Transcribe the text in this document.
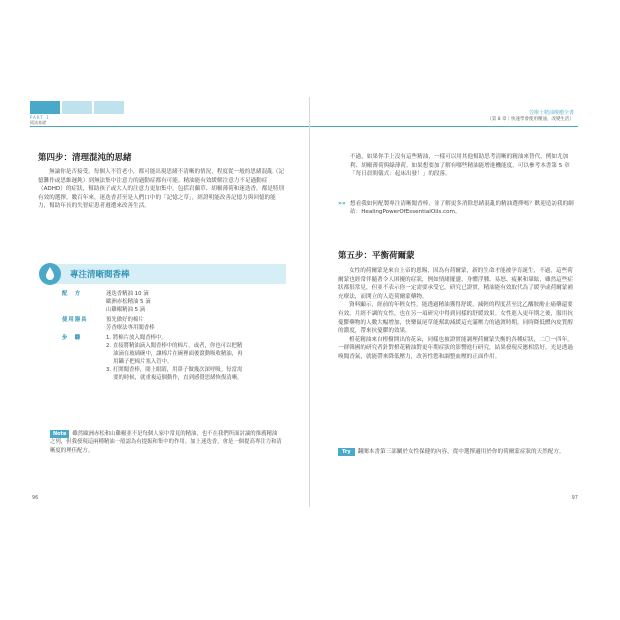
PART 1
精油基礎
第四步：清理混沌的思緒

無論你是否接受，每個人不管老小，都可能出現思緒不清晰的情況，程度從一般的思緒混亂（記憶難作或思維遲鈍）到無法集中注意力的過動症都有可能。精油能有效緩解注意力不足過動症（ADHD）的症狀，幫助孩子或大人的注意力更加集中，包括岩蘭草、胡椒薄荷和迷迭香，都是特別有效的選擇。數百年來，迷迭香甚至是人們口中的「記憶之草」，經證明能改善記憶力與回憶的能力，幫助年長的失智症患者週遭來改善生活。

專注清晰閱香棒
配　方	迷迭香精油 10 滴
歐洲赤松精油 5 滴
山雞椒精油 5 滴
使用器具	預先做好的棉片
芳香療法專用聞香棒
步　驟	1. 將棉片放入聞香棒中。
2. 直接將精油滴入聞香棒中的棉片。或者，你也可以把精
　 油滴在玻璃碗中，讓棉片在碗裡面後滾動吸收精油，再
　 用鑷子把棉片塞入管中。
3. 打開聞香棒，閉上眼睛，用鼻子做幾次深呼吸。每當需
　 要的時候，就重複這個動作，直到感覺思緒恢復清晰。
Note 雖然歐洲赤松和山雞椒並不是每個人家中常見的精油，也不在我們所面討論的推薦精油之列，但我發現這兩種精油一般認為有提振和集中的作用。加上迷迭香，會是一個提高專注力和清晰度的理佳配方。
96
芳療士精油療癒全書
（第 8 章｜快速學會使用精油，改變生活）

不過，如果你手上沒有這些精油，一樣可以用其他幫助思考清晰的精油來替代，例如尤加利、胡椒薄荷與綠薄荷。如果想要加了解有哪些精油能增進機能度，可以參考本書第 5 章「每日晨間儀式：起床出發！」的段落。

»» 想看我如何配製專注清晰聞香棒，並了解更多消除思緒混亂的精油選擇嗎？歡迎造訪我的網站：HealingPowerOfEssentialOils.com。
第五步：平衡荷爾蒙

女性的荷爾蒙是來自上帝的恩賜，因為有荷爾蒙，新的生命才能被孕育誕生，不過，這些荷爾蒙也經常伴隨著令人困擾的症狀，例如情緒擺盪、身體浮腫、易怒、疲累和暈眩，雖然這些症狀都很常見，但並不表示你一定需要承受它。研究已證實，精油能有效取代為了緩孕或荷爾蒙補充療法，而開立的人造荷爾蒙藥物。

資料顯示，經前的年輕女性，能透過精油獲得舒緩，減輕的程度甚至比乙醯胺酚止痛藥還要有效。月經不調的女性，也在另一項研究中得到同樣的舒緩效果。女性進入更年期之後，服用抗憂鬱藥物的人數大幅增加，快樂鼠尾草能幫助減緩這充滿壓力的過渡時期，同時降低體內皮質醇的濃度，帶來抗憂鬱的效果。

橙花精油來自橙樹開出的花朵，同樣也被證實能調理荷爾蒙失衡的各種症狀，二〇一四年，一群韓國的研究者針對橙花精油對更年期症狀的影響進行研究，結果發現反應相當好，光是透過嗅聞香氣，就能帶來降低壓力，改善性慾和調整血壓的正面作用。

Try 翻閱本書第三部關於女性保健的內容，從中選擇適用於你的荷爾蒙症狀的天然配方。
97
